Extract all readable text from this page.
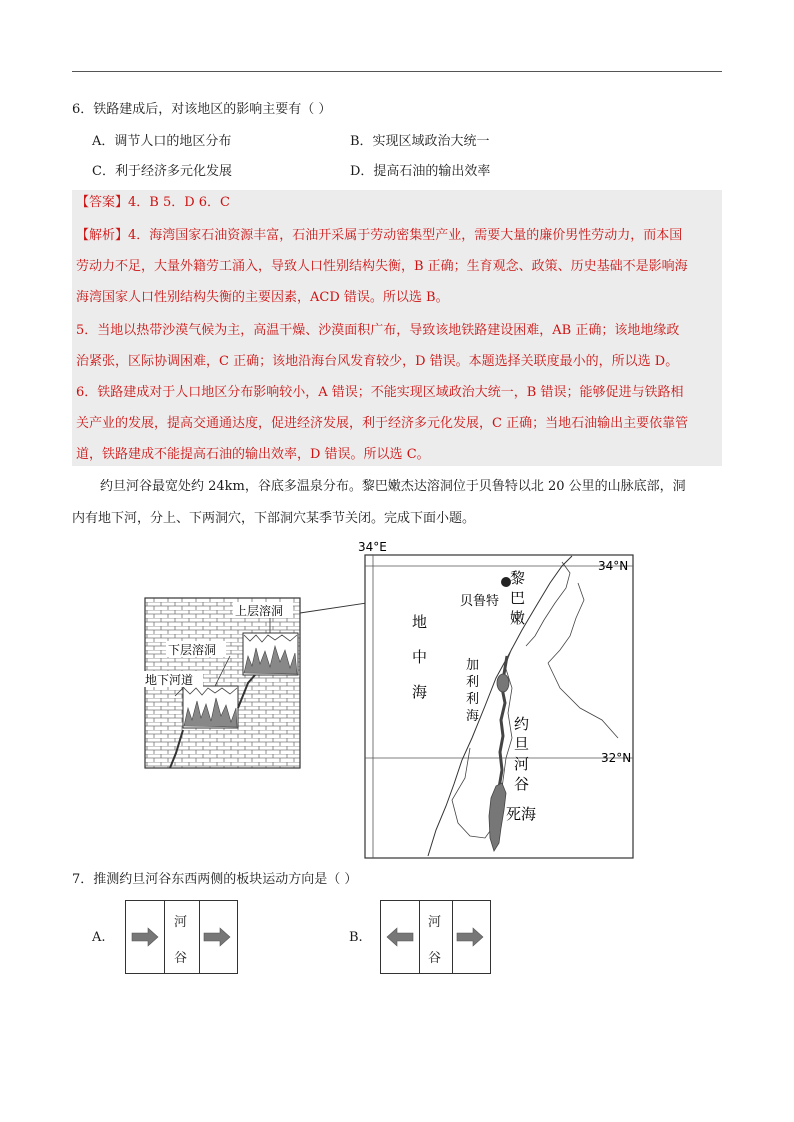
6．铁路建成后，对该地区的影响主要有（ ）
A．调节人口的地区分布	B．实现区域政治大统一
C．利于经济多元化发展	D．提高石油的输出效率
【答案】4．B 5．D 6．C
【解析】4．海湾国家石油资源丰富，石油开采属于劳动密集型产业，需要大量的廉价男性劳动力，而本国
劳动力不足，大量外籍劳工涌入，导致人口性别结构失衡，B 正确；生育观念、政策、历史基础不是影响海
海湾国家人口性别结构失衡的主要因素，ACD 错误。所以选 B。
5．当地以热带沙漠气候为主，高温干燥、沙漠面积广布，导致该地铁路建设困难，AB 正确；该地地缘政
治紧张，区际协调困难，C 正确；该地沿海台风发育较少，D 错误。本题选择关联度最小的，所以选 D。
6．铁路建成对于人口地区分布影响较小，A 错误；不能实现区域政治大统一，B 错误；能够促进与铁路相
关产业的发展，提高交通通达度，促进经济发展，利于经济多元化发展，C 正确；当地石油输出主要依靠管
道，铁路建成不能提高石油的输出效率，D 错误。所以选 C。
约旦河谷最宽处约 24km，谷底多温泉分布。黎巴嫩杰达溶洞位于贝鲁特以北 20 公里的山脉底部，洞
内有地下河，分上、下两洞穴，下部洞穴某季节关闭。完成下面小题。
上层溶洞
下层溶洞
地下河道
34°E
34°N
32°N
黎
巴
嫩
贝鲁特
地
中
海
加
利
利
海 约
旦
河
谷
死海
7．推测约旦河谷东西两侧的板块运动方向是（ ）
A.
河
谷
B.
河
谷
